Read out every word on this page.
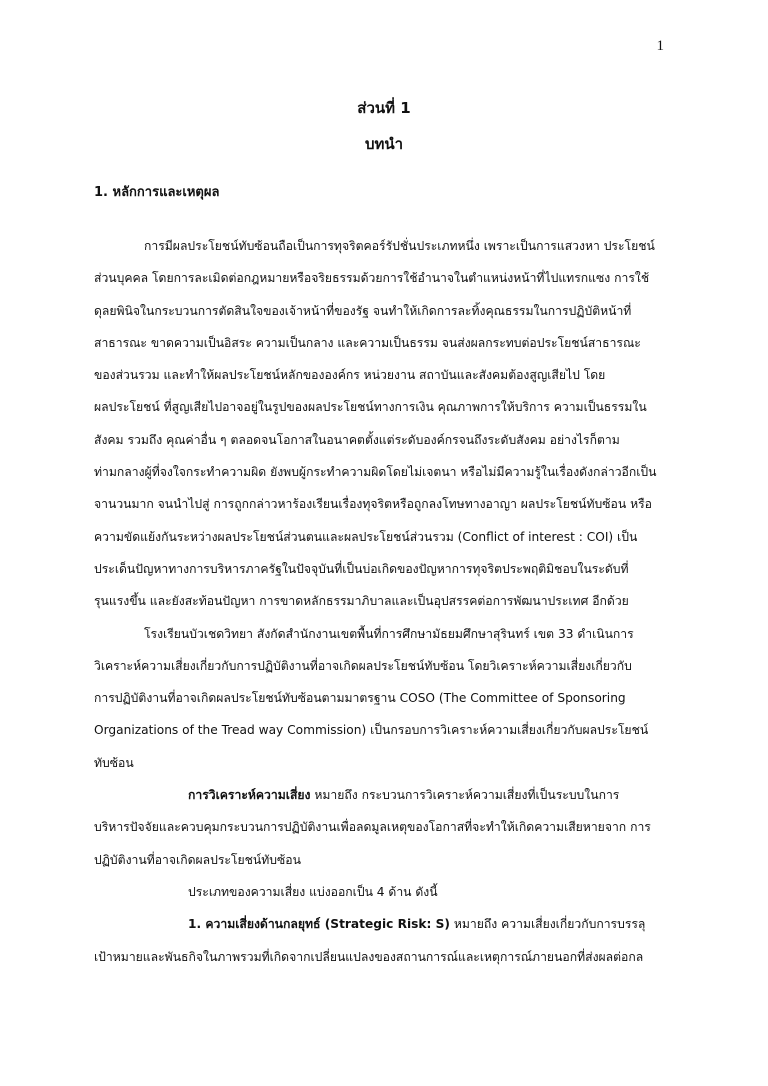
1
ส่วนที่ 1
บทนำ
1. หลักการและเหตุผล
การมีผลประโยชน์ทับซ้อนถือเป็นการทุจริตคอร์รัปชั่นประเภทหนึ่ง เพราะเป็นการแสวงหา ประโยชน์
ส่วนบุคคล โดยการละเมิดต่อกฎหมายหรือจริยธรรมด้วยการใช้อำนาจในตำแหน่งหน้าที่ไปแทรกแซง การใช้
ดุลยพินิจในกระบวนการตัดสินใจของเจ้าหน้าที่ของรัฐ จนทำให้เกิดการละทิ้งคุณธรรมในการปฏิบัติหน้าที่
สาธารณะ ขาดความเป็นอิสระ ความเป็นกลาง และความเป็นธรรม จนส่งผลกระทบต่อประโยชน์สาธารณะ
ของส่วนรวม และทำให้ผลประโยชน์หลักขององค์กร หน่วยงาน สถาบันและสังคมต้องสูญเสียไป โดย
ผลประโยชน์ ที่สูญเสียไปอาจอยู่ในรูปของผลประโยชน์ทางการเงิน คุณภาพการให้บริการ ความเป็นธรรมใน
สังคม รวมถึง คุณค่าอื่น ๆ ตลอดจนโอกาสในอนาคตตั้งแต่ระดับองค์กรจนถึงระดับสังคม อย่างไรก็ตาม
ท่ามกลางผู้ที่จงใจกระทำความผิด ยังพบผู้กระทำความผิดโดยไม่เจตนา หรือไม่มีความรู้ในเรื่องดังกล่าวอีกเป็น
จานวนมาก จนนำไปสู่ การถูกกล่าวหาร้องเรียนเรื่องทุจริตหรือถูกลงโทษทางอาญา ผลประโยชน์ทับซ้อน หรือ
ความขัดแย้งกันระหว่างผลประโยชน์ส่วนตนและผลประโยชน์ส่วนรวม (Conflict of interest : COI) เป็น
ประเด็นปัญหาทางการบริหารภาครัฐในปัจจุบันที่เป็นบ่อเกิดของปัญหาการทุจริตประพฤติมิชอบในระดับที่
รุนแรงขึ้น และยังสะท้อนปัญหา การขาดหลักธรรมาภิบาลและเป็นอุปสรรคต่อการพัฒนาประเทศ อีกด้วย
โรงเรียนบัวเชดวิทยา สังกัดสำนักงานเขตพื้นที่การศึกษามัธยมศึกษาสุรินทร์ เขต 33 ดำเนินการ
วิเคราะห์ความเสี่ยงเกี่ยวกับการปฏิบัติงานที่อาจเกิดผลประโยชน์ทับซ้อน โดยวิเคราะห์ความเสี่ยงเกี่ยวกับ
การปฏิบัติงานที่อาจเกิดผลประโยชน์ทับซ้อนตามมาตรฐาน COSO (The Committee of Sponsoring
Organizations of the Tread way Commission) เป็นกรอบการวิเคราะห์ความเสี่ยงเกี่ยวกับผลประโยชน์
ทับซ้อน
การวิเคราะห์ความเสี่ยง หมายถึง กระบวนการวิเคราะห์ความเสี่ยงที่เป็นระบบในการ
บริหารปัจจัยและควบคุมกระบวนการปฏิบัติงานเพื่อลดมูลเหตุของโอกาสที่จะทำให้เกิดความเสียหายจาก การ
ปฏิบัติงานที่อาจเกิดผลประโยชน์ทับซ้อน
ประเภทของความเสี่ยง แบ่งออกเป็น 4 ด้าน ดังนี้
1. ความเสี่ยงด้านกลยุทธ์ (Strategic Risk: S) หมายถึง ความเสี่ยงเกี่ยวกับการบรรลุ
เป้าหมายและพันธกิจในภาพรวมที่เกิดจากเปลี่ยนแปลงของสถานการณ์และเหตุการณ์ภายนอกที่ส่งผลต่อกล
